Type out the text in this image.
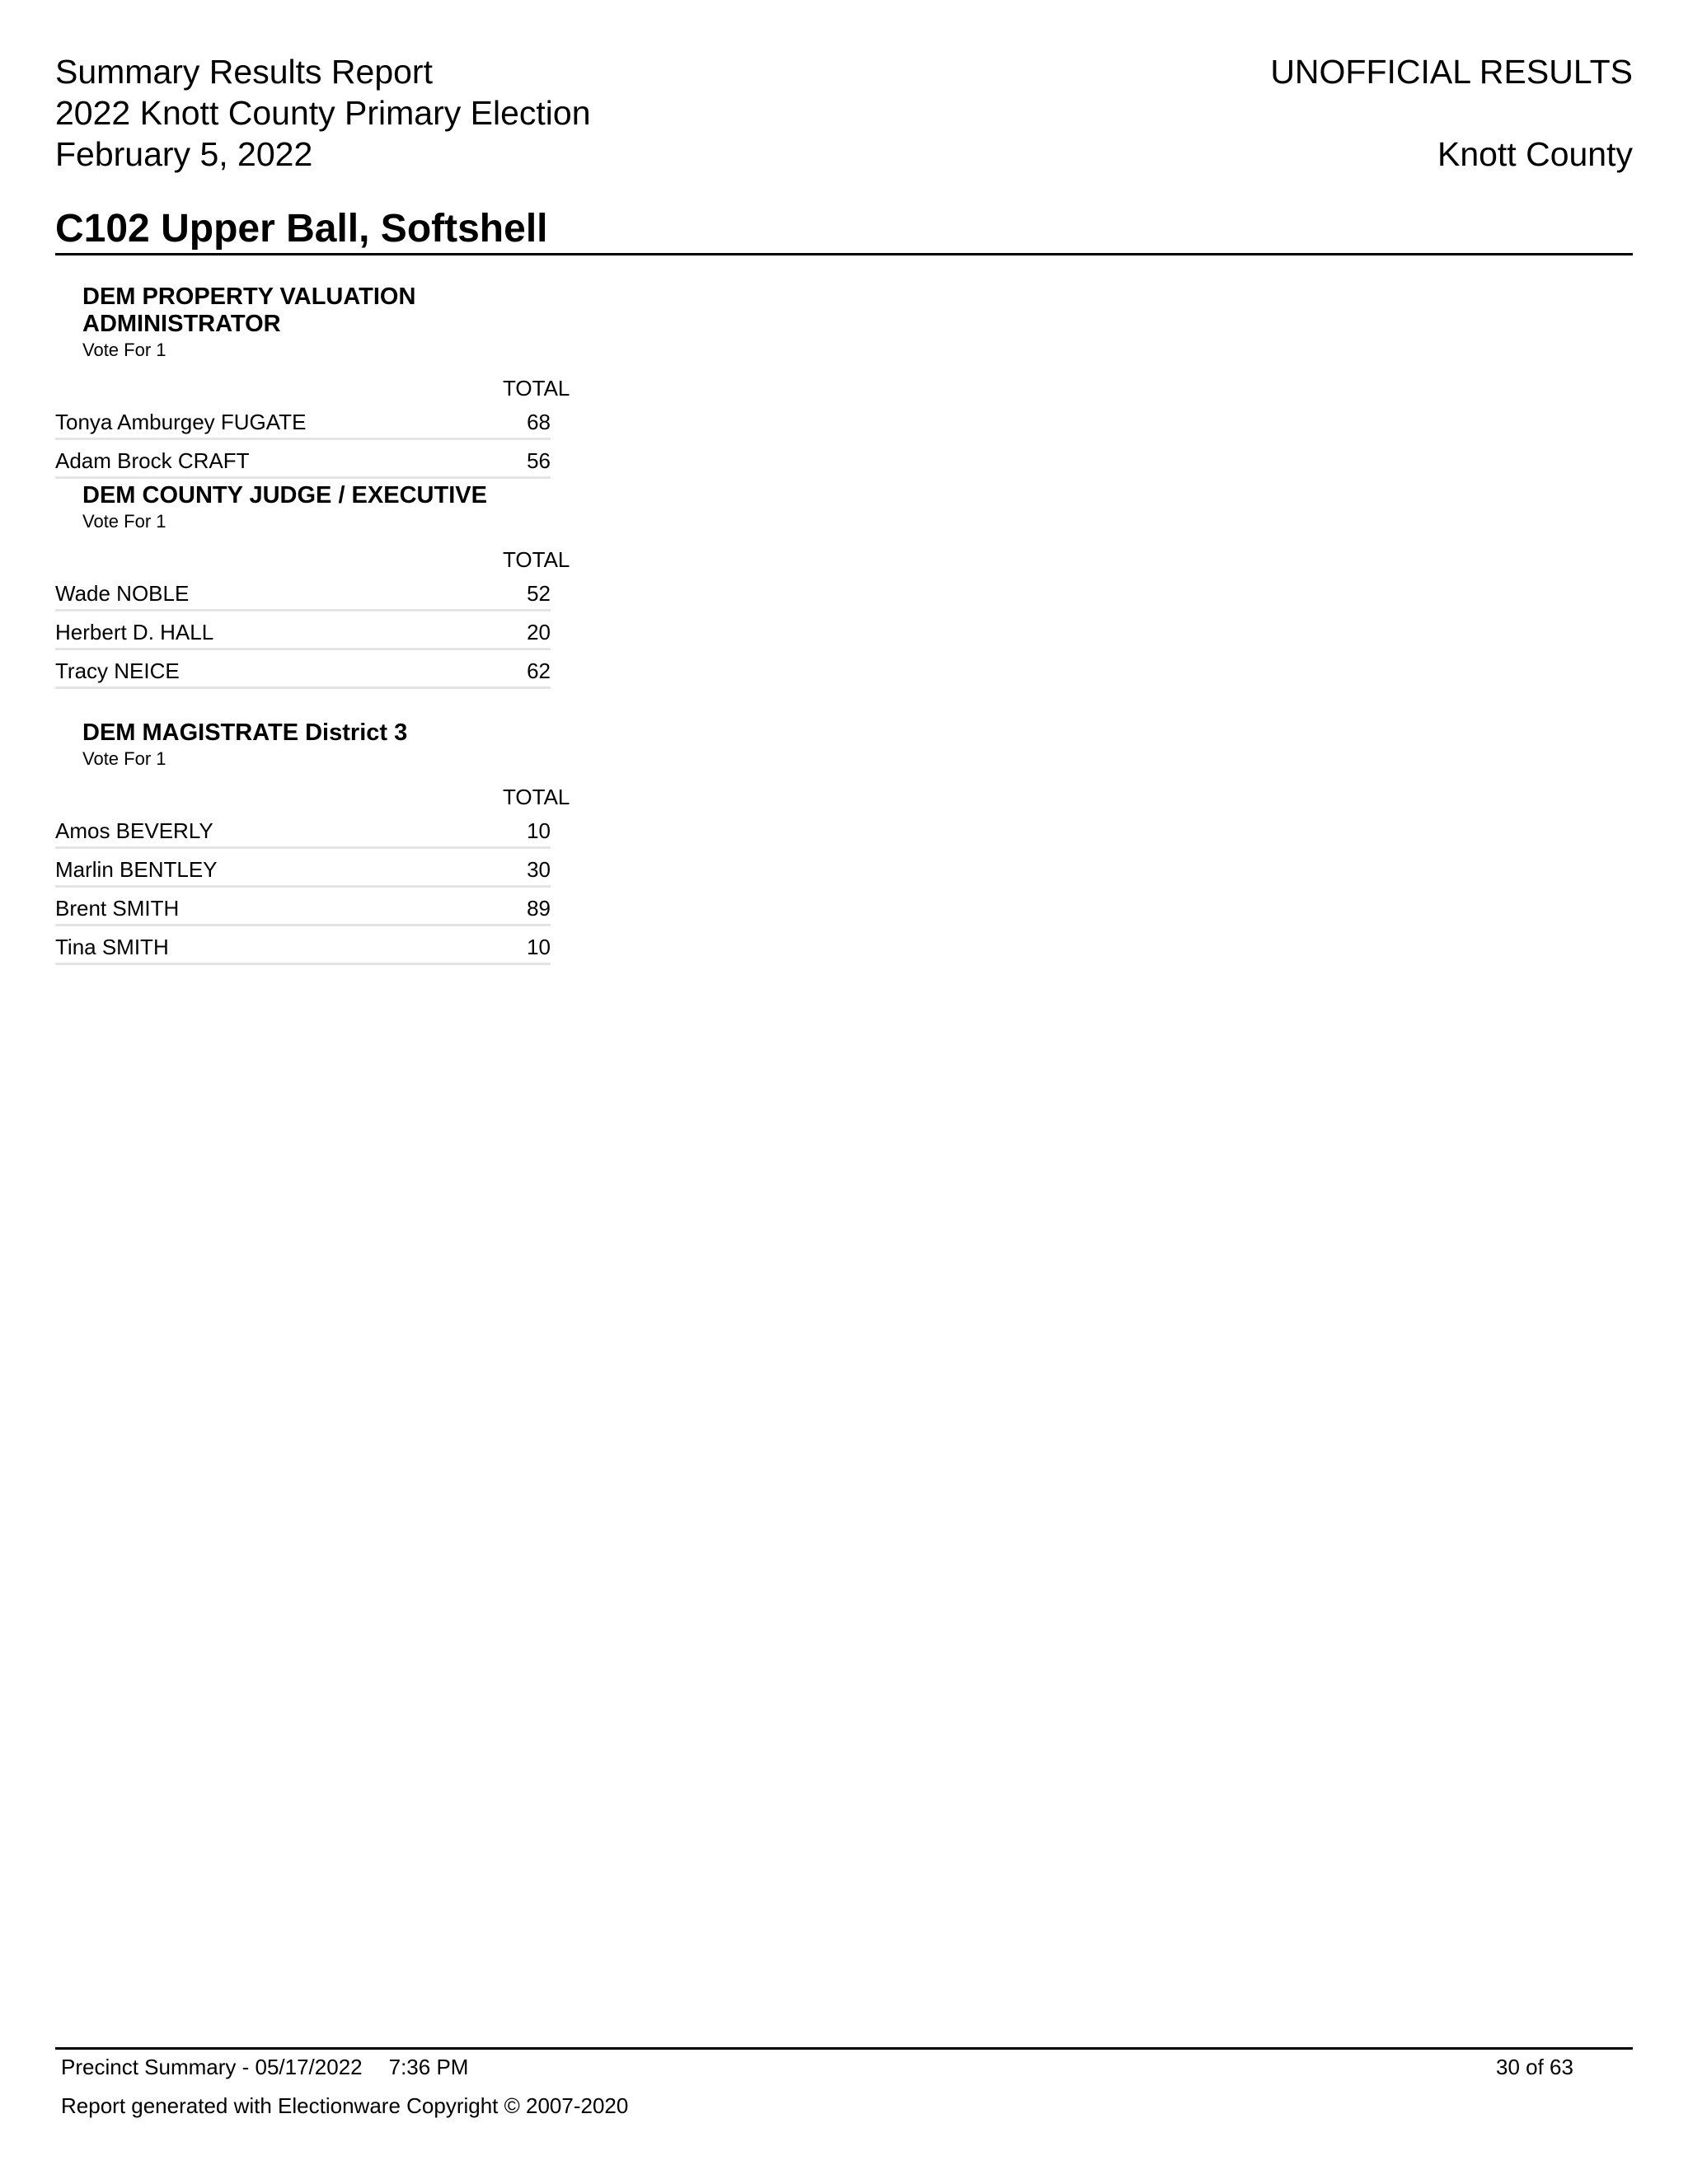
Summary Results Report
2022 Knott County Primary Election
February 5, 2022
UNOFFICIAL RESULTS
Knott County
C102 Upper Ball, Softshell
DEM PROPERTY VALUATION ADMINISTRATOR
Vote For 1
TOTAL
Tonya Amburgey FUGATE	68
Adam Brock CRAFT	56
DEM COUNTY JUDGE / EXECUTIVE
Vote For 1
TOTAL
Wade NOBLE	52
Herbert D. HALL	20
Tracy NEICE	62
DEM MAGISTRATE District 3
Vote For 1
TOTAL
Amos BEVERLY	10
Marlin BENTLEY	30
Brent SMITH	89
Tina SMITH	10
Precinct Summary - 05/17/2022 7:36 PM	30 of 63
Report generated with Electionware Copyright © 2007-2020
